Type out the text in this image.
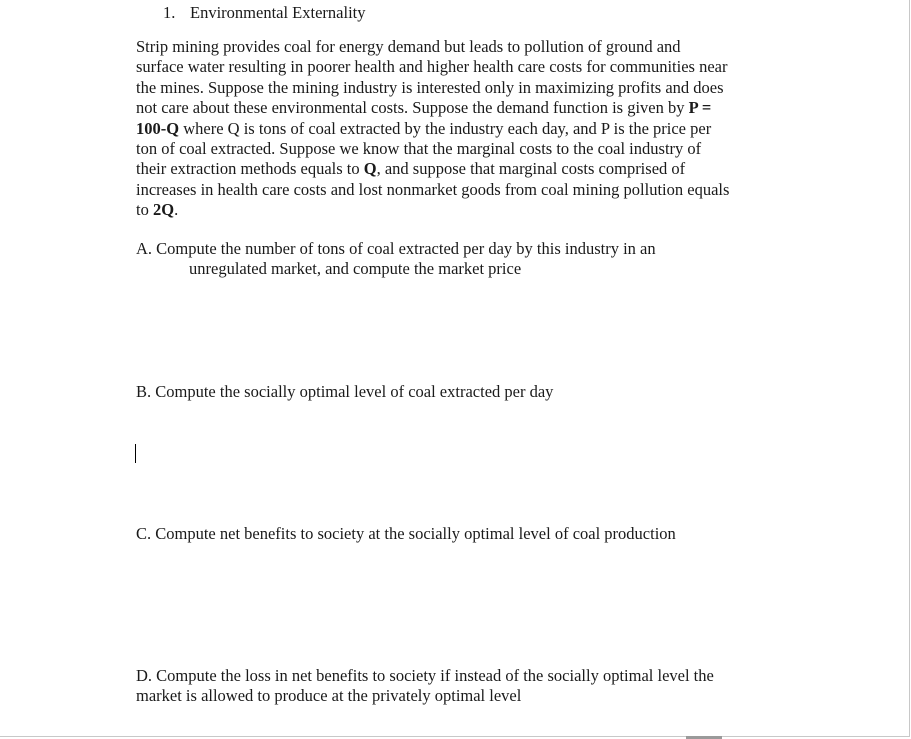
1. Environmental Externality
Strip mining provides coal for energy demand but leads to pollution of ground and
surface water resulting in poorer health and higher health care costs for communities near
the mines. Suppose the mining industry is interested only in maximizing profits and does
not care about these environmental costs. Suppose the demand function is given by P =
100-Q where Q is tons of coal extracted by the industry each day, and P is the price per
ton of coal extracted. Suppose we know that the marginal costs to the coal industry of
their extraction methods equals to Q, and suppose that marginal costs comprised of
increases in health care costs and lost nonmarket goods from coal mining pollution equals
to 2Q.
A. Compute the number of tons of coal extracted per day by this industry in an
unregulated market, and compute the market price
B. Compute the socially optimal level of coal extracted per day
C. Compute net benefits to society at the socially optimal level of coal production
D. Compute the loss in net benefits to society if instead of the socially optimal level the
market is allowed to produce at the privately optimal level
